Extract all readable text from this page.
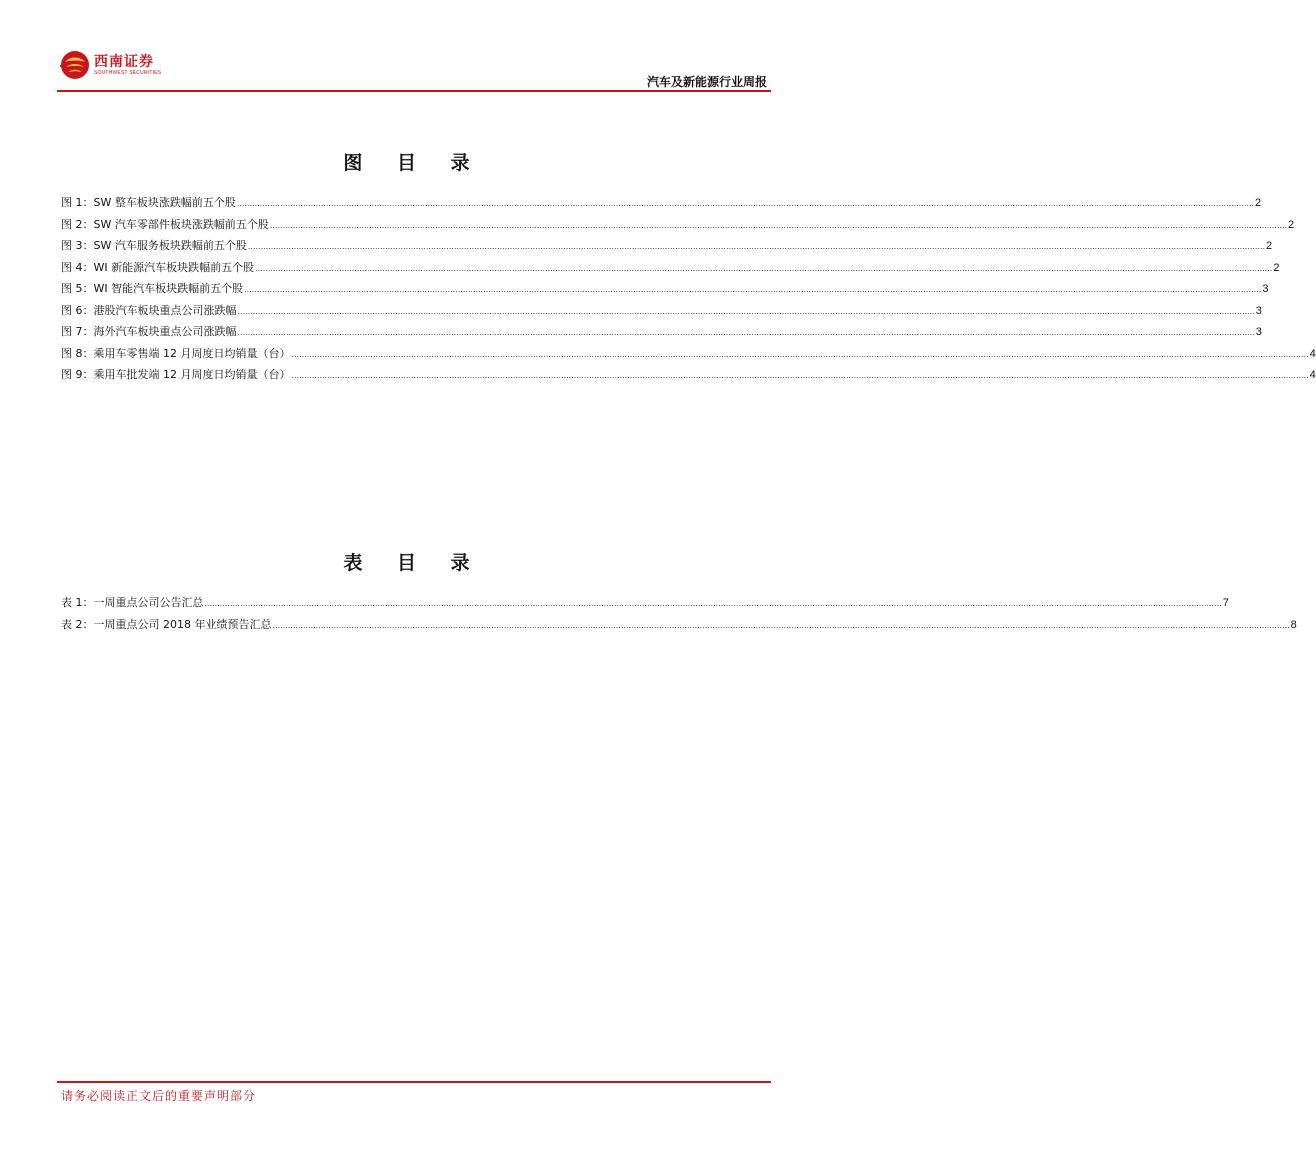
西南证券
SOUTHWEST SECURITIES
汽车及新能源行业周报
图 目 录
图 1：SW 整车板块涨跌幅前五个股 ................................................................................................................................................................................................................................................................................................................................................................................................................ 2
图 2：SW 汽车零部件板块涨跌幅前五个股 ................................................................................................................................................................................................................................................................................................................................................................................................................ 2
图 3：SW 汽车服务板块跌幅前五个股 ................................................................................................................................................................................................................................................................................................................................................................................................................ 2
图 4：WI 新能源汽车板块跌幅前五个股 ................................................................................................................................................................................................................................................................................................................................................................................................................ 2
图 5：WI 智能汽车板块跌幅前五个股 ................................................................................................................................................................................................................................................................................................................................................................................................................ 3
图 6：港股汽车板块重点公司涨跌幅 ................................................................................................................................................................................................................................................................................................................................................................................................................ 3
图 7：海外汽车板块重点公司涨跌幅 ................................................................................................................................................................................................................................................................................................................................................................................................................ 3
图 8：乘用车零售端 12 月周度日均销量（台） ................................................................................................................................................................................................................................................................................................................................................................................................................ 4
图 9：乘用车批发端 12 月周度日均销量（台） ................................................................................................................................................................................................................................................................................................................................................................................................................ 4
表 目 录
表 1：一周重点公司公告汇总 ................................................................................................................................................................................................................................................................................................................................................................................................................ 7
表 2：一周重点公司 2018 年业绩预告汇总 ................................................................................................................................................................................................................................................................................................................................................................................................................ 8
请务必阅读正文后的重要声明部分
